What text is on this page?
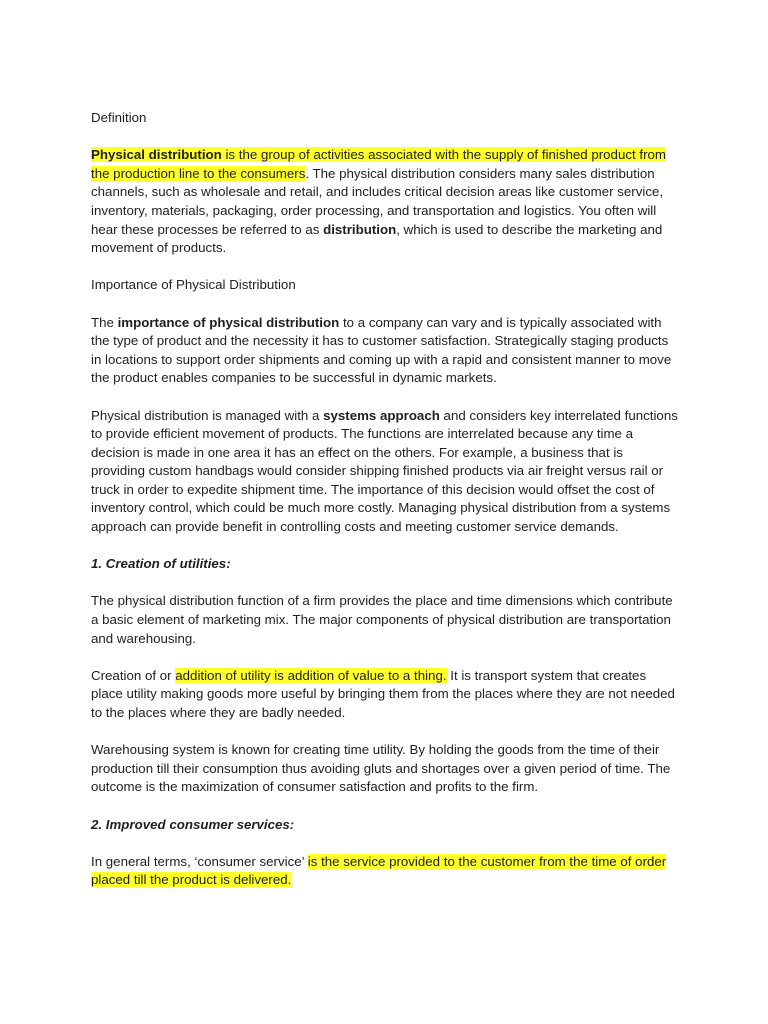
Definition

Physical distribution is the group of activities associated with the supply of finished product from the production line to the consumers. The physical distribution considers many sales distribution channels, such as wholesale and retail, and includes critical decision areas like customer service, inventory, materials, packaging, order processing, and transportation and logistics. You often will hear these processes be referred to as distribution, which is used to describe the marketing and movement of products.

Importance of Physical Distribution

The importance of physical distribution to a company can vary and is typically associated with the type of product and the necessity it has to customer satisfaction. Strategically staging products in locations to support order shipments and coming up with a rapid and consistent manner to move the product enables companies to be successful in dynamic markets.

Physical distribution is managed with a systems approach and considers key interrelated functions to provide efficient movement of products. The functions are interrelated because any time a decision is made in one area it has an effect on the others. For example, a business that is providing custom handbags would consider shipping finished products via air freight versus rail or truck in order to expedite shipment time. The importance of this decision would offset the cost of inventory control, which could be much more costly. Managing physical distribution from a systems approach can provide benefit in controlling costs and meeting customer service demands.

1. Creation of utilities:

The physical distribution function of a firm provides the place and time dimensions which contribute a basic element of marketing mix. The major components of physical distribution are transportation and warehousing.

Creation of or addition of utility is addition of value to a thing. It is transport system that creates place utility making goods more useful by bringing them from the places where they are not needed to the places where they are badly needed.

Warehousing system is known for creating time utility. By holding the goods from the time of their production till their consumption thus avoiding gluts and shortages over a given period of time. The outcome is the maximization of consumer satisfaction and profits to the firm.

2. Improved consumer services:

In general terms, ‘consumer service’ is the service provided to the customer from the time of order placed till the product is delivered.
